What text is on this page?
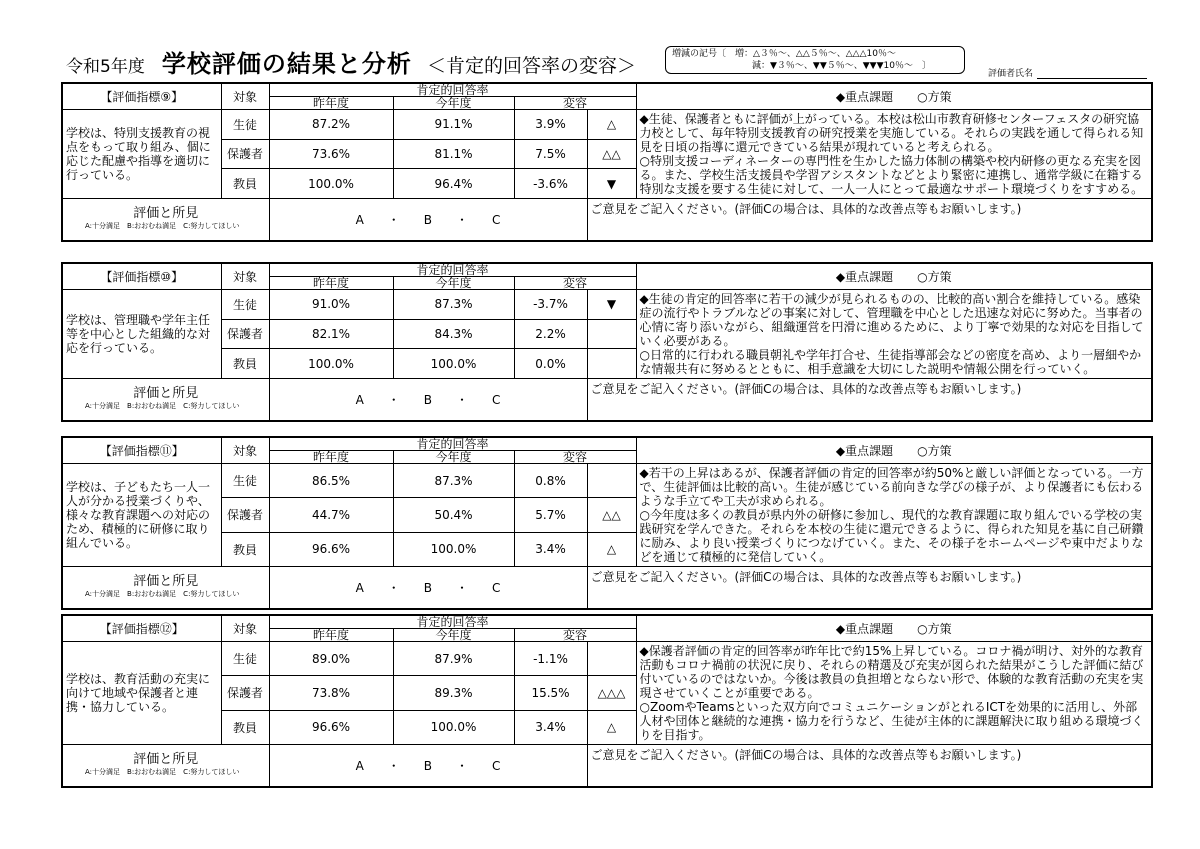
令和5年度 学校評価の結果と分析 ＜肯定的回答率の変容＞
増減の記号〔　増：△３％～、△△５％～、△△△10％～
減：▼３％～、▼▼５％～、▼▼▼10％～　〕
評価者氏名
【評価指標⑨】	対象	肯定的回答率				◆重点課題　　○方策
		昨年度	今年度	変容		
学校は、特別支援教育の視点をもって取り組み、個に応じた配慮や指導を適切に行っている。	生徒	87.2%	91.1%	3.9%	△	◆生徒、保護者ともに評価が上がっている。本校は松山市教育研修センターフェスタの研究協力校として、毎年特別支援教育の研究授業を実施している。それらの実践を通して得られる知見を日頃の指導に還元できている結果が現れていると考えられる。
○特別支援コーディネーターの専門性を生かした協力体制の構築や校内研修の更なる充実を図る。また、学校生活支援員や学習アシスタントなどとより緊密に連携し、通常学級に在籍する特別な支援を要する生徒に対して、一人一人にとって最適なサポート環境づくりをすすめる。

	保護者	73.6%	81.1%	7.5%	△△	
	教員	100.0%	96.4%	-3.6%	▼	

評価と所見
A:十分満足　B:おおむね満足　C:努力してほしい		A・B・C			ご意見をご記入ください。(評価Cの場合は、具体的な改善点等もお願いします。)	
【評価指標⑩】	対象	肯定的回答率				◆重点課題　　○方策
		昨年度	今年度	変容		
学校は、管理職や学年主任等を中心とした組織的な対応を行っている。	生徒	91.0%	87.3%	-3.7%	▼	◆生徒の肯定的回答率に若干の減少が見られるものの、比較的高い割合を維持している。感染症の流行やトラブルなどの事案に対して、管理職を中心とした迅速な対応に努めた。当事者の心情に寄り添いながら、組織運営を円滑に進めるために、より丁寧で効果的な対応を目指していく必要がある。
○日常的に行われる職員朝礼や学年打合せ、生徒指導部会などの密度を高め、より一層細やかな情報共有に努めるとともに、相手意識を大切にした説明や情報公開を行っていく。

	保護者	82.1%	84.3%	2.2%		
	教員	100.0%	100.0%	0.0%		

評価と所見
A:十分満足　B:おおむね満足　C:努力してほしい		A・B・C			ご意見をご記入ください。(評価Cの場合は、具体的な改善点等もお願いします。)	
【評価指標⑪】	対象	肯定的回答率				◆重点課題　　○方策
		昨年度	今年度	変容		
学校は、子どもたち一人一人が分かる授業づくりや、様々な教育課題への対応のため、積極的に研修に取り組んでいる。	生徒	86.5%	87.3%	0.8%		◆若干の上昇はあるが、保護者評価の肯定的回答率が約50%と厳しい評価となっている。一方で、生徒評価は比較的高い。生徒が感じている前向きな学びの様子が、より保護者にも伝わるような手立てや工夫が求められる。
○今年度は多くの教員が県内外の研修に参加し、現代的な教育課題に取り組んでいる学校の実践研究を学んできた。それらを本校の生徒に還元できるように、得られた知見を基に自己研鑽に励み、より良い授業づくりにつなげていく。また、その様子をホームページや東中だよりなどを通じて積極的に発信していく。

	保護者	44.7%	50.4%	5.7%	△△	
	教員	96.6%	100.0%	3.4%	△	

評価と所見
A:十分満足　B:おおむね満足　C:努力してほしい		A・B・C			ご意見をご記入ください。(評価Cの場合は、具体的な改善点等もお願いします。)	
【評価指標⑫】	対象	肯定的回答率				◆重点課題　　○方策
		昨年度	今年度	変容		
学校は、教育活動の充実に向けて地域や保護者と連携・協力している。	生徒	89.0%	87.9%	-1.1%		◆保護者評価の肯定的回答率が昨年比で約15%上昇している。コロナ禍が明け、対外的な教育活動もコロナ禍前の状況に戻り、それらの精選及び充実が図られた結果がこうした評価に結び付いているのではないか。今後は教員の負担増とならない形で、体験的な教育活動の充実を実現させていくことが重要である。
○ZoomやTeamsといった双方向でコミュニケーションがとれるICTを効果的に活用し、外部人材や団体と継続的な連携・協力を行うなど、生徒が主体的に課題解決に取り組める環境づくりを目指す。

	保護者	73.8%	89.3%	15.5%	△△△	
	教員	96.6%	100.0%	3.4%	△	

評価と所見
A:十分満足　B:おおむね満足　C:努力してほしい		A・B・C			ご意見をご記入ください。(評価Cの場合は、具体的な改善点等もお願いします。)	
